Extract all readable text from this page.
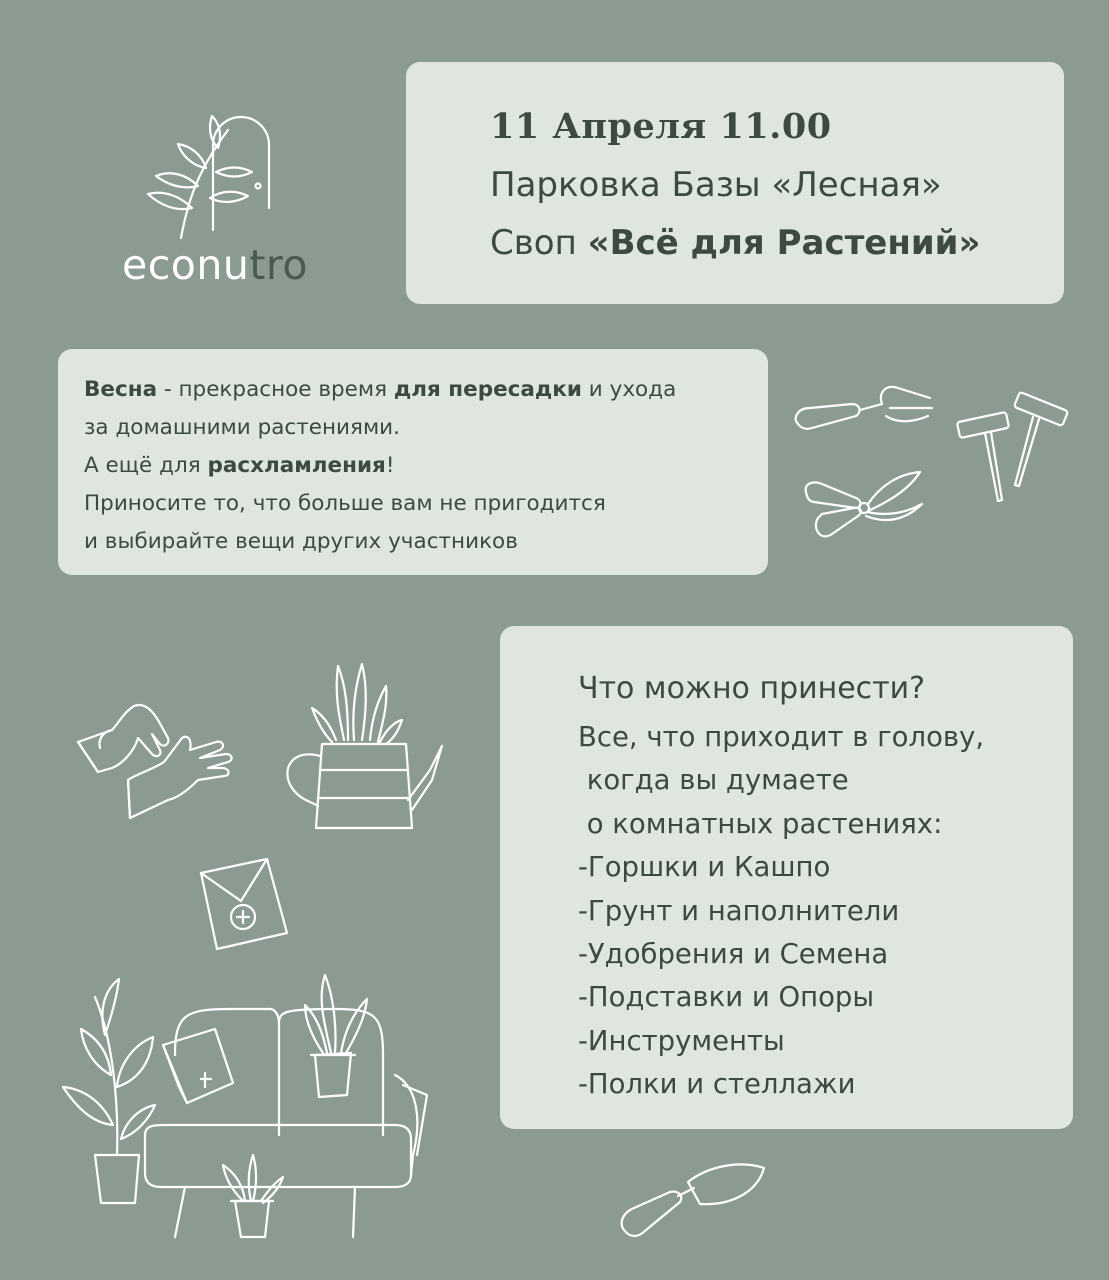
econutro
11 Апреля 11.00
Парковка Базы «Лесная»
Своп «Всё для Растений»

Весна - прекрасное время для пересадки и ухода

за домашними растениями.

А ещё для расхламления!

Приносите то, что больше вам не пригодится

и выбирайте вещи других участников

Что можно принести?
Все, что приходит в голову,
когда вы думаете
о комнатных растениях:
-Горшки и Кашпо
-Грунт и наполнители
-Удобрения и Семена
-Подставки и Опоры
-Инструменты
-Полки и стеллажи
